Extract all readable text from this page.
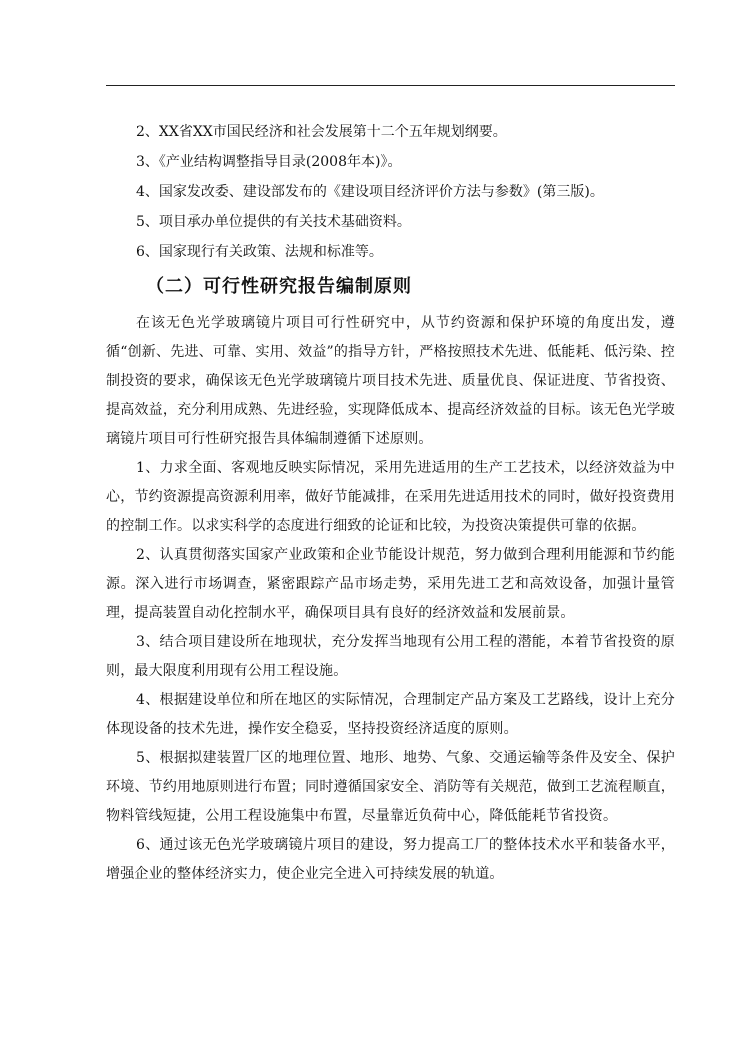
2、XX省XX市国民经济和社会发展第十二个五年规划纲要。
3、《产业结构调整指导目录(2008年本)》。
4、国家发改委、建设部发布的《建设项目经济评价方法与参数》(第三版)。
5、项目承办单位提供的有关技术基础资料。
6、国家现行有关政策、法规和标准等。
（二）可行性研究报告编制原则

在该无色光学玻璃镜片项目可行性研究中，从节约资源和保护环境的角度出发，遵循“创新、先进、可靠、实用、效益”的指导方针，严格按照技术先进、低能耗、低污染、控制投资的要求，确保该无色光学玻璃镜片项目技术先进、质量优良、保证进度、节省投资、提高效益，充分利用成熟、先进经验，实现降低成本、提高经济效益的目标。该无色光学玻璃镜片项目可行性研究报告具体编制遵循下述原则。

1、力求全面、客观地反映实际情况，采用先进适用的生产工艺技术，以经济效益为中心，节约资源提高资源利用率，做好节能减排，在采用先进适用技术的同时，做好投资费用的控制工作。以求实科学的态度进行细致的论证和比较，为投资决策提供可靠的依据。

2、认真贯彻落实国家产业政策和企业节能设计规范，努力做到合理利用能源和节约能源。深入进行市场调查，紧密跟踪产品市场走势，采用先进工艺和高效设备，加强计量管理，提高装置自动化控制水平，确保项目具有良好的经济效益和发展前景。

3、结合项目建设所在地现状，充分发挥当地现有公用工程的潜能，本着节省投资的原则，最大限度利用现有公用工程设施。

4、根据建设单位和所在地区的实际情况，合理制定产品方案及工艺路线，设计上充分体现设备的技术先进，操作安全稳妥，坚持投资经济适度的原则。

5、根据拟建装置厂区的地理位置、地形、地势、气象、交通运输等条件及安全、保护环境、节约用地原则进行布置；同时遵循国家安全、消防等有关规范，做到工艺流程顺直，物料管线短捷，公用工程设施集中布置，尽量靠近负荷中心，降低能耗节省投资。

6、通过该无色光学玻璃镜片项目的建设，努力提高工厂的整体技术水平和装备水平，增强企业的整体经济实力，使企业完全进入可持续发展的轨道。
